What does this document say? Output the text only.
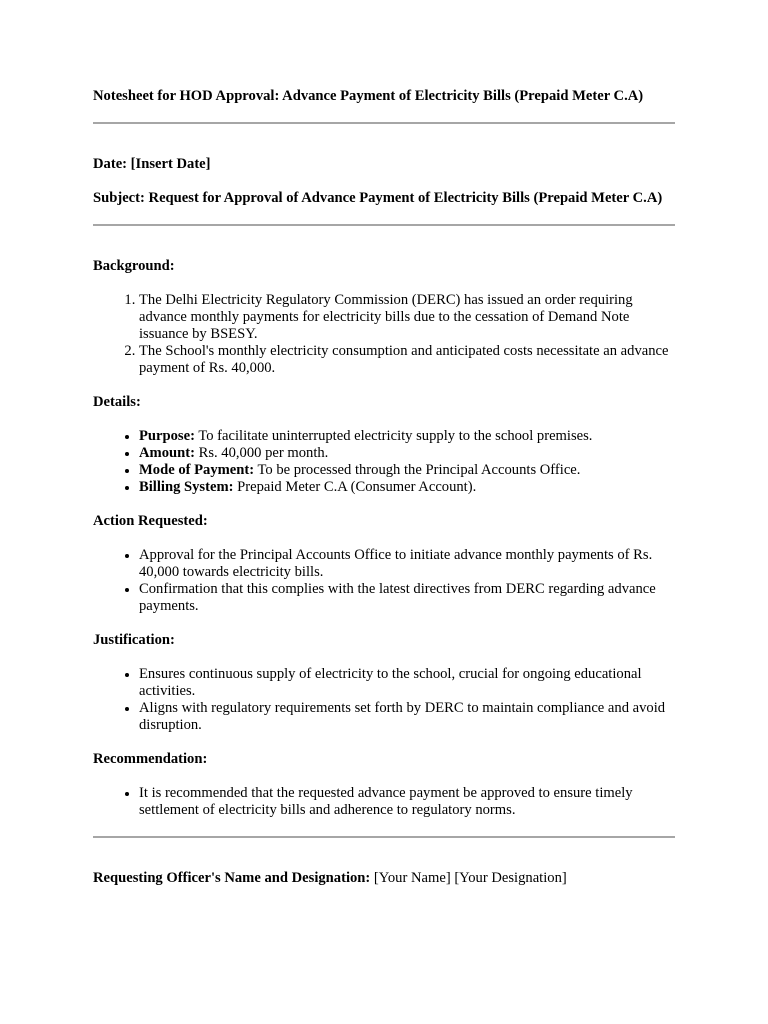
Notesheet for HOD Approval: Advance Payment of Electricity Bills (Prepaid Meter C.A)

Date: [Insert Date]

Subject: Request for Approval of Advance Payment of Electricity Bills (Prepaid Meter C.A)

Background:

1. The Delhi Electricity Regulatory Commission (DERC) has issued an order requiring advance monthly payments for electricity bills due to the cessation of Demand Note issuance by BSESY.
2. The School's monthly electricity consumption and anticipated costs necessitate an advance payment of Rs. 40,000.

Details:

• Purpose: To facilitate uninterrupted electricity supply to the school premises.
• Amount: Rs. 40,000 per month.
• Mode of Payment: To be processed through the Principal Accounts Office.
• Billing System: Prepaid Meter C.A (Consumer Account).

Action Requested:

• Approval for the Principal Accounts Office to initiate advance monthly payments of Rs. 40,000 towards electricity bills.
• Confirmation that this complies with the latest directives from DERC regarding advance payments.

Justification:

• Ensures continuous supply of electricity to the school, crucial for ongoing educational activities.
• Aligns with regulatory requirements set forth by DERC to maintain compliance and avoid disruption.

Recommendation:

• It is recommended that the requested advance payment be approved to ensure timely settlement of electricity bills and adherence to regulatory norms.

Requesting Officer's Name and Designation: [Your Name] [Your Designation]
